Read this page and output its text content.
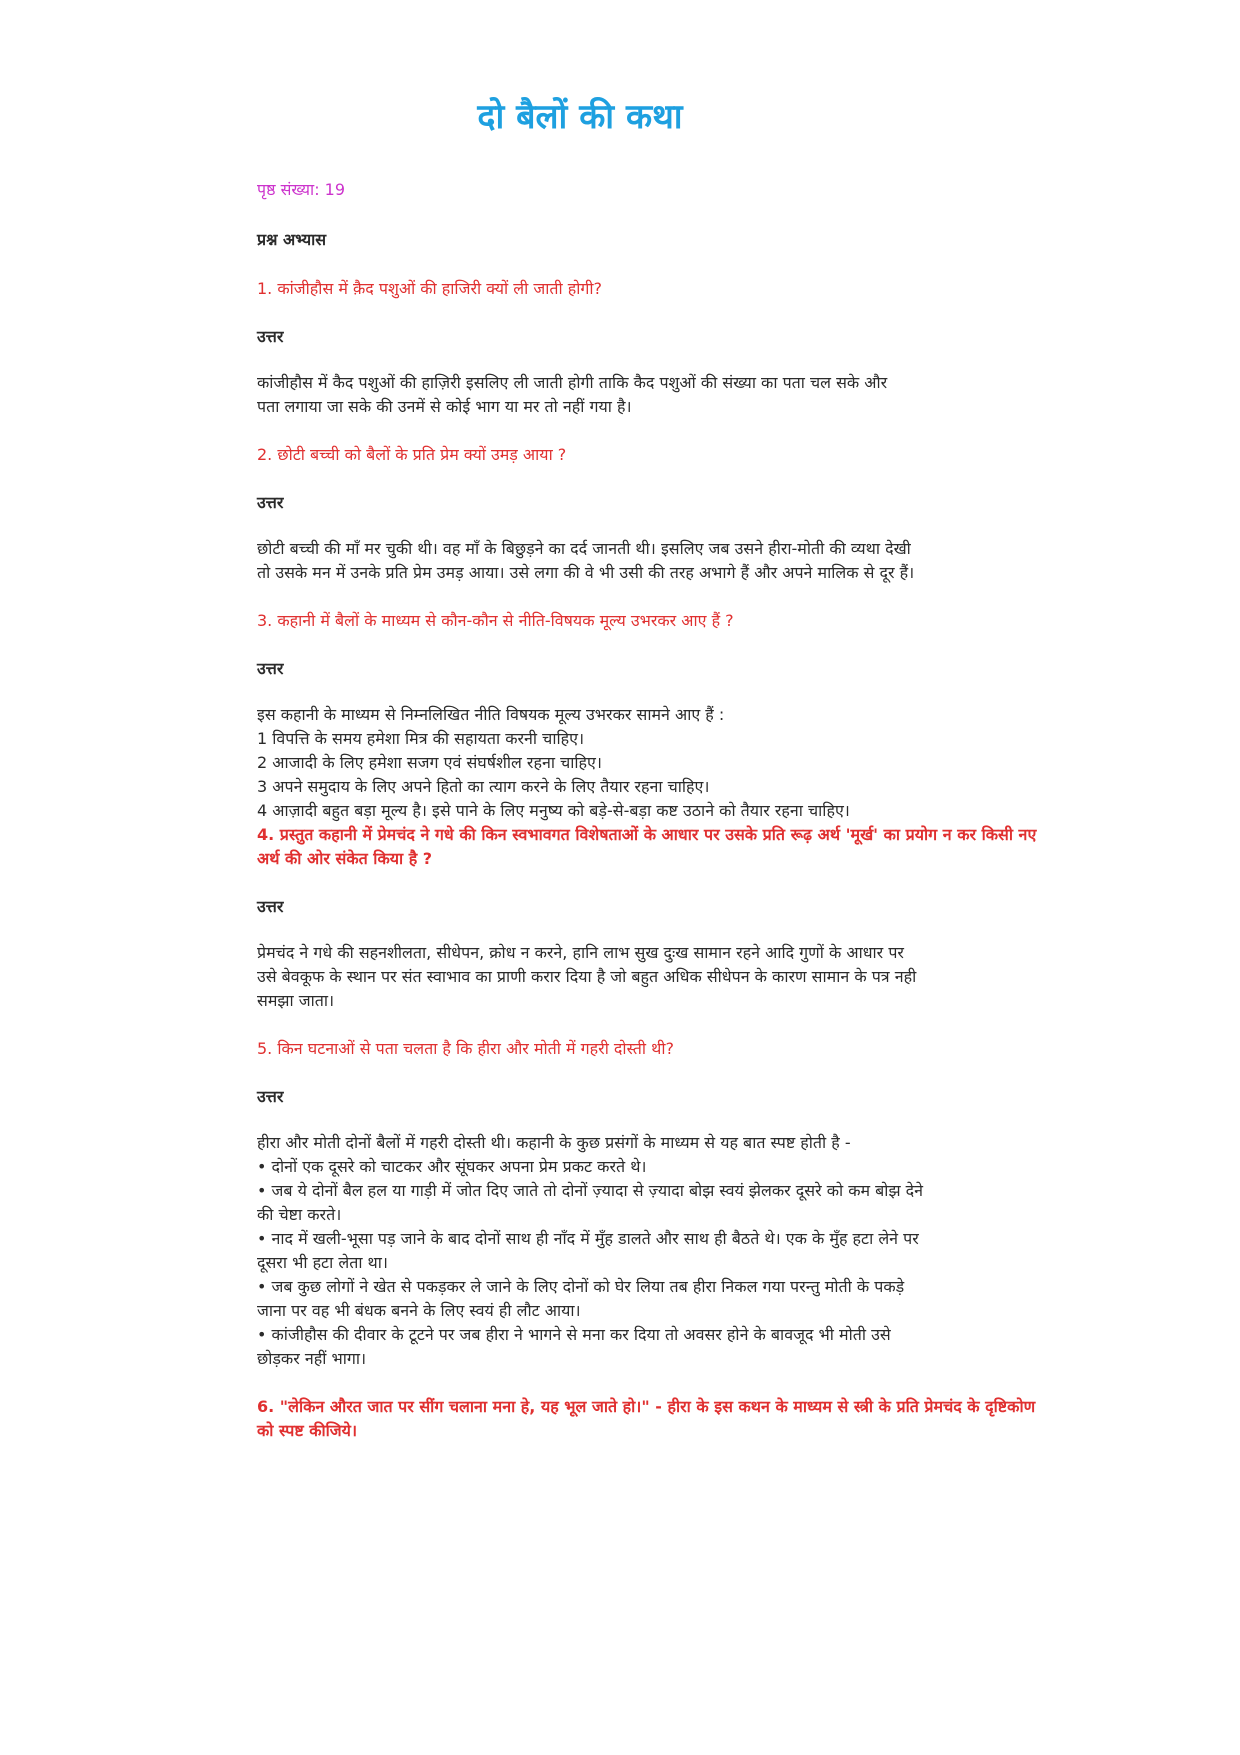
दो बैलों की कथा

पृष्ठ संख्या: 19

प्रश्न अभ्यास

1. कांजीहौस में क़ैद पशुओं की हाजिरी क्यों ली जाती होगी?

उत्तर

कांजीहौस में कैद पशुओं की हाज़िरी इसलिए ली जाती होगी ताकि कैद पशुओं की संख्या का पता चल सके और
पता लगाया जा सके की उनमें से कोई भाग या मर तो नहीं गया है।

2. छोटी बच्ची को बैलों के प्रति प्रेम क्यों उमड़ आया ?

उत्तर

छोटी बच्ची की माँ मर चुकी थी। वह माँ के बिछुड़ने का दर्द जानती थी। इसलिए जब उसने हीरा-मोती की व्यथा देखी
तो उसके मन में उनके प्रति प्रेम उमड़ आया। उसे लगा की वे भी उसी की तरह अभागे हैं और अपने मालिक से दूर हैं।

3. कहानी में बैलों के माध्यम से कौन-कौन से नीति-विषयक मूल्य उभरकर आए हैं ?

उत्तर

इस कहानी के माध्यम से निम्नलिखित नीति विषयक मूल्य उभरकर सामने आए हैं :
1 विपत्ति के समय हमेशा मित्र की सहायता करनी चाहिए।
2 आजादी के लिए हमेशा सजग एवं संघर्षशील रहना चाहिए।
3 अपने समुदाय के लिए अपने हितो का त्याग करने के लिए तैयार रहना चाहिए।
4 आज़ादी बहुत बड़ा मूल्य है। इसे पाने के लिए मनुष्य को बड़े-से-बड़ा कष्ट उठाने को तैयार रहना चाहिए।

4. प्रस्तुत कहानी में प्रेमचंद ने गधे की किन स्वभावगत विशेषताओं के आधार पर उसके प्रति रूढ़ अर्थ 'मूर्ख' का प्रयोग न कर किसी नए अर्थ की ओर संकेत किया है ?

उत्तर

प्रेमचंद ने गधे की सहनशीलता, सीधेपन, क्रोध न करने, हानि लाभ सुख दुःख सामान रहने आदि गुणों के आधार पर
उसे बेवकूफ के स्थान पर संत स्वाभाव का प्राणी करार दिया है जो बहुत अधिक सीधेपन के कारण सामान के पत्र नही
समझा जाता।

5. किन घटनाओं से पता चलता है कि हीरा और मोती में गहरी दोस्ती थी?

उत्तर

हीरा और मोती दोनों बैलों में गहरी दोस्ती थी। कहानी के कुछ प्रसंगों के माध्यम से यह बात स्पष्ट होती है -
• दोनों एक दूसरे को चाटकर और सूंघकर अपना प्रेम प्रकट करते थे।
• जब ये दोनों बैल हल या गाड़ी में जोत दिए जाते तो दोनों ज़्यादा से ज़्यादा बोझ स्वयं झेलकर दूसरे को कम बोझ देने
की चेष्टा करते।
• नाद में खली-भूसा पड़ जाने के बाद दोनों साथ ही नाँद में मुँह डालते और साथ ही बैठते थे। एक के मुँह हटा लेने पर
दूसरा भी हटा लेता था।
• जब कुछ लोगों ने खेत से पकड़कर ले जाने के लिए दोनों को घेर लिया तब हीरा निकल गया परन्तु मोती के पकड़े
जाना पर वह भी बंधक बनने के लिए स्वयं ही लौट आया।
• कांजीहौस की दीवार के टूटने पर जब हीरा ने भागने से मना कर दिया तो अवसर होने के बावजूद भी मोती उसे
छोड़कर नहीं भागा।

6. "लेकिन औरत जात पर सींग चलाना मना हे, यह भूल जाते हो।" - हीरा के इस कथन के माध्यम से स्त्री के प्रति प्रेमचंद के दृष्टिकोण को स्पष्ट कीजिये।
